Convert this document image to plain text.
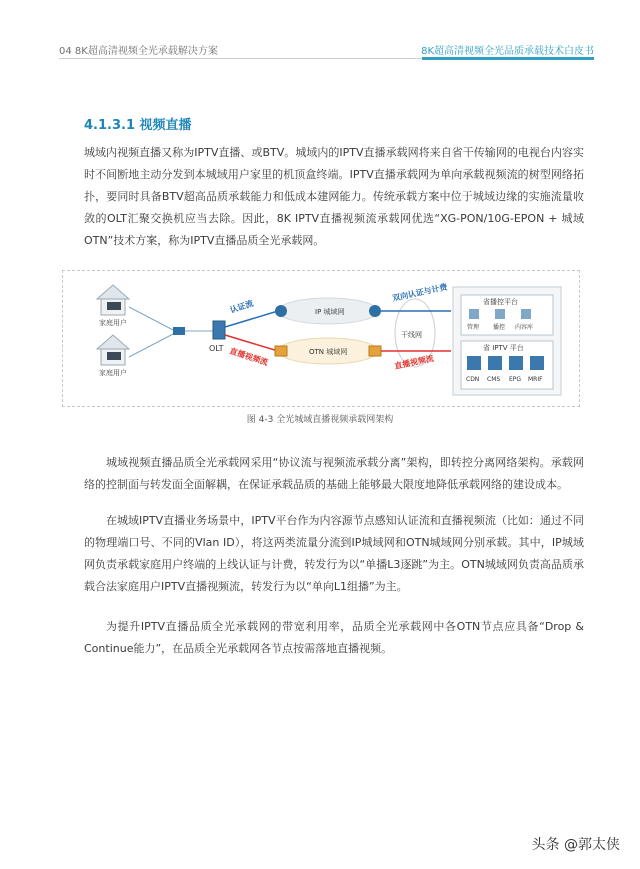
04 8K超高清视频全光承载解决方案	8K超高清视频全光品质承载技术白皮书
4.1.3.1 视频直播
城域内视频直播又称为IPTV直播、或BTV。城域内的IPTV直播承载网将来自省干传输网的电视台内容实时不间断地主动分发到本城域用户家里的机顶盒终端。IPTV直播承载网为单向承载视频流的树型网络拓扑，要同时具备BTV超高品质承载能力和低成本建网能力。传统承载方案中位于城域边缘的实施流量收敛的OLT汇聚交换机应当去除。因此，8K IPTV直播视频流承载网优选“XG-PON/10G-EPON + 城域OTN”技术方案，称为IPTV直播品质全光承载网。
家庭用户
家庭用户
OLT
认证流
直播视频流
IP 城域网
OTN 城域网
干线网
双向认证与计费
直播视频流
省播控平台
管理 播控 内容库
省 IPTV 平台
CDN CMS EPG MRIF
图 4-3 全光城域直播视频承载网架构
城域视频直播品质全光承载网采用“协议流与视频流承载分离”架构，即转控分离网络架构。承载网络的控制面与转发面全面解耦，在保证承载品质的基础上能够最大限度地降低承载网络的建设成本。
在城域IPTV直播业务场景中，IPTV平台作为内容源节点感知认证流和直播视频流（比如：通过不同的物理端口号、不同的Vlan ID），将这两类流量分流到IP城域网和OTN城域网分别承载。其中，IP城域网负责承载家庭用户终端的上线认证与计费，转发行为以“单播L3逐跳”为主。OTN城域网负责高品质承载合法家庭用户IPTV直播视频流，转发行为以“单向L1组播”为主。
为提升IPTV直播品质全光承载网的带宽利用率，品质全光承载网中各OTN节点应具备“Drop & Continue能力”，在品质全光承载网各节点按需落地直播视频。
头条 @郭太侠
